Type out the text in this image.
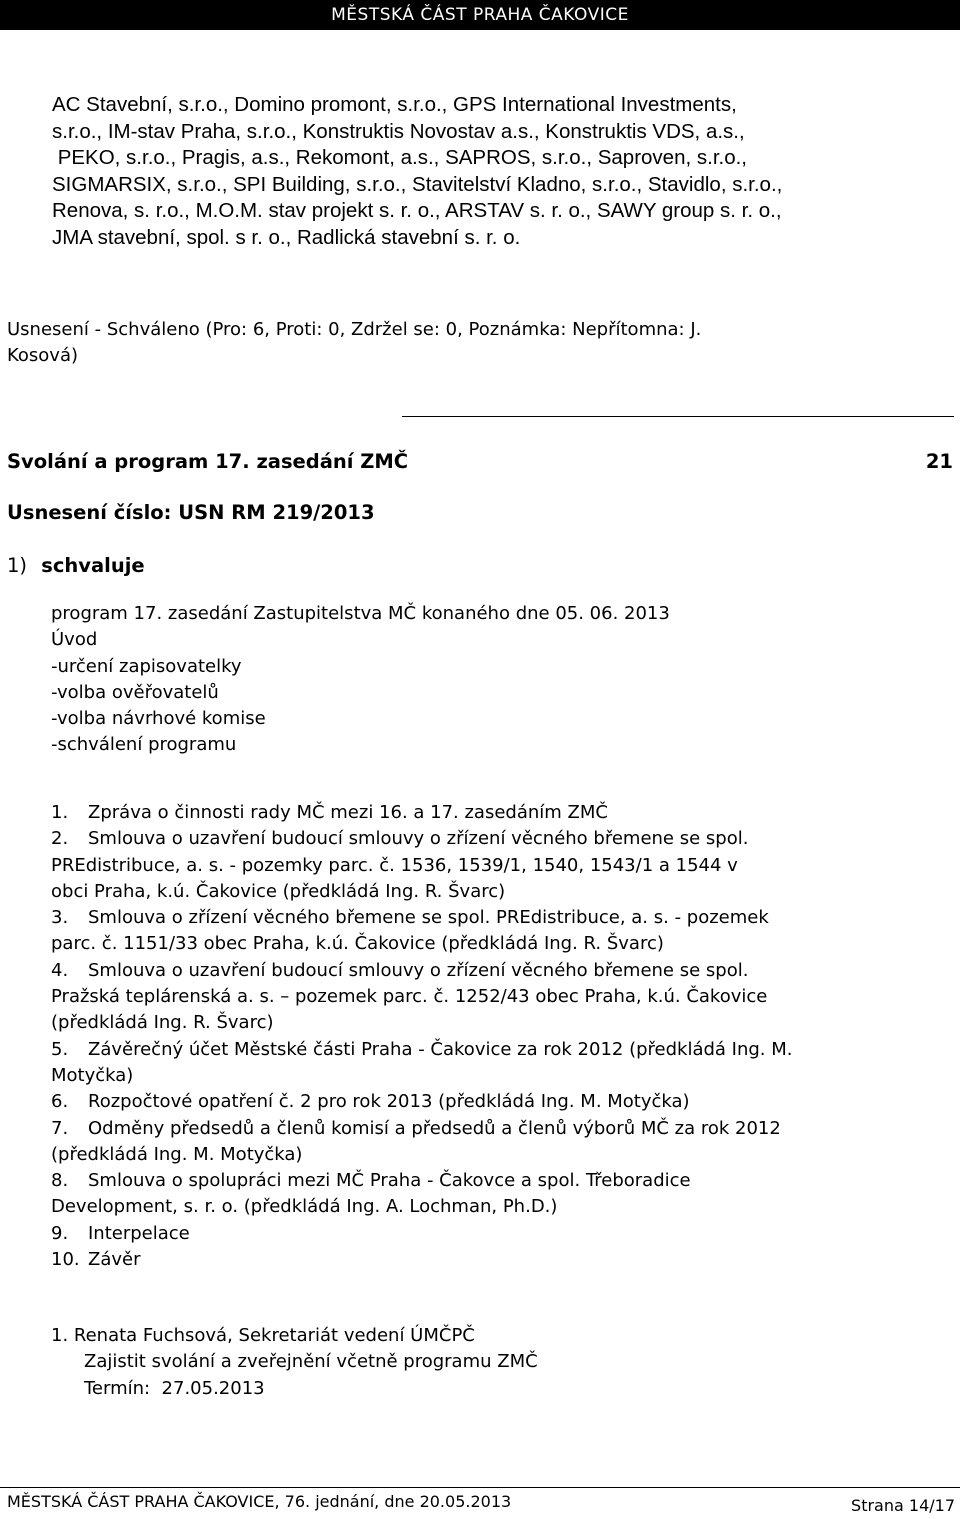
MĚSTSKÁ ČÁST PRAHA ČAKOVICE
AC Stavební, s.r.o., Domino promont, s.r.o., GPS International Investments,
s.r.o., IM-stav Praha, s.r.o., Konstruktis Novostav a.s., Konstruktis VDS, a.s.,
PEKO, s.r.o., Pragis, a.s., Rekomont, a.s., SAPROS, s.r.o., Saproven, s.r.o.,
SIGMARSIX, s.r.o., SPI Building, s.r.o., Stavitelství Kladno, s.r.o., Stavidlo, s.r.o.,
Renova, s. r.o., M.O.M. stav projekt s. r. o., ARSTAV s. r. o., SAWY group s. r. o.,
JMA stavební, spol. s r. o., Radlická stavební s. r. o.
Usnesení - Schváleno (Pro: 6, Proti: 0, Zdržel se: 0, Poznámka: Nepřítomna: J.
Kosová)
Svolání a program 17. zasedání ZMČ	21
Usnesení číslo: USN RM 219/2013
1) schvaluje
program 17. zasedání Zastupitelstva MČ konaného dne 05. 06. 2013
Úvod
-určení zapisovatelky
-volba ověřovatelů
-volba návrhové komise
-schválení programu
1.	Zpráva o činnosti rady MČ mezi 16. a 17. zasedáním ZMČ
2.	Smlouva o uzavření budoucí smlouvy o zřízení věcného břemene se spol.
PREdistribuce, a. s. - pozemky parc. č. 1536, 1539/1, 1540, 1543/1 a 1544 v
obci Praha, k.ú. Čakovice (předkládá Ing. R. Švarc)
3.	Smlouva o zřízení věcného břemene se spol. PREdistribuce, a. s. - pozemek
parc. č. 1151/33 obec Praha, k.ú. Čakovice (předkládá Ing. R. Švarc)
4.	Smlouva o uzavření budoucí smlouvy o zřízení věcného břemene se spol.
Pražská teplárenská a. s. – pozemek parc. č. 1252/43 obec Praha, k.ú. Čakovice
(předkládá Ing. R. Švarc)
5.	Závěrečný účet Městské části Praha - Čakovice za rok 2012 (předkládá Ing. M.
Motyčka)
6.	Rozpočtové opatření č. 2 pro rok 2013 (předkládá Ing. M. Motyčka)
7.	Odměny předsedů a členů komisí a předsedů a členů výborů MČ za rok 2012
(předkládá Ing. M. Motyčka)
8.	Smlouva o spolupráci mezi MČ Praha - Čakovce a spol. Třeboradice
Development, s. r. o. (předkládá Ing. A. Lochman, Ph.D.)
9.	Interpelace
10. Závěr
1. Renata Fuchsová, Sekretariát vedení ÚMČPČ
Zajistit svolání a zveřejnění včetně programu ZMČ
Termín:  27.05.2013
MĚSTSKÁ ČÁST PRAHA ČAKOVICE, 76. jednání, dne 20.05.2013	Strana 14/17
